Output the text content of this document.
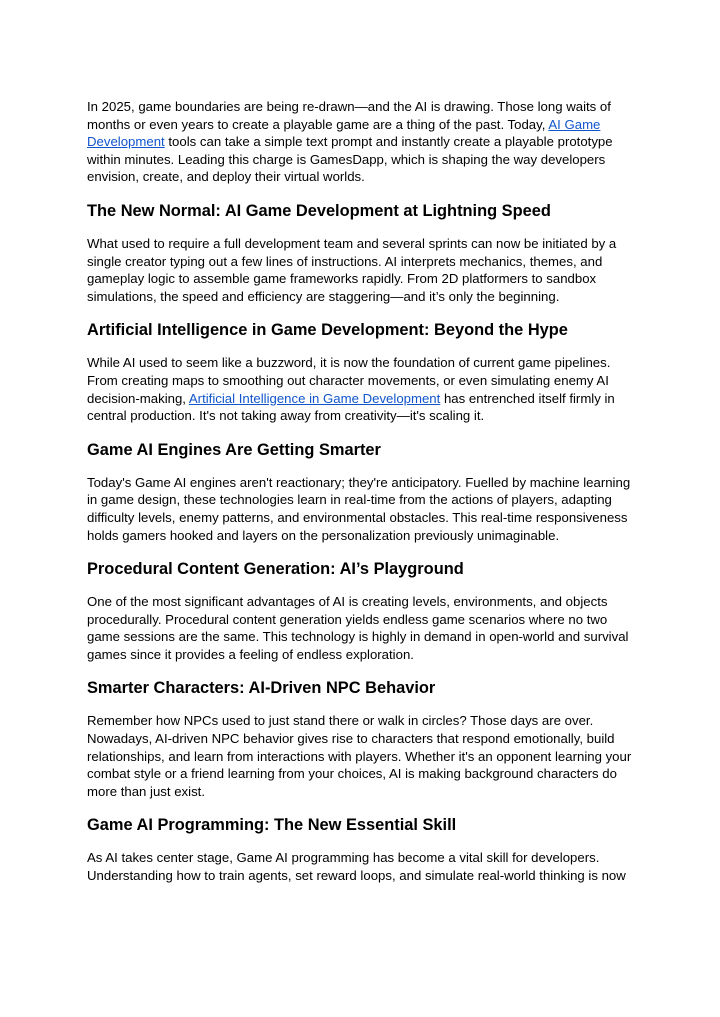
In 2025, game boundaries are being re-drawn—and the AI is drawing. Those long waits of months or even years to create a playable game are a thing of the past. Today, AI Game Development tools can take a simple text prompt and instantly create a playable prototype within minutes. Leading this charge is GamesDapp, which is shaping the way developers envision, create, and deploy their virtual worlds.

The New Normal: AI Game Development at Lightning Speed

What used to require a full development team and several sprints can now be initiated by a single creator typing out a few lines of instructions. AI interprets mechanics, themes, and gameplay logic to assemble game frameworks rapidly. From 2D platformers to sandbox simulations, the speed and efficiency are staggering—and it’s only the beginning.

Artificial Intelligence in Game Development: Beyond the Hype

While AI used to seem like a buzzword, it is now the foundation of current game pipelines. From creating maps to smoothing out character movements, or even simulating enemy AI decision-making, Artificial Intelligence in Game Development has entrenched itself firmly in central production. It's not taking away from creativity—it's scaling it.

Game AI Engines Are Getting Smarter

Today's Game AI engines aren't reactionary; they're anticipatory. Fuelled by machine learning in game design, these technologies learn in real-time from the actions of players, adapting difficulty levels, enemy patterns, and environmental obstacles. This real-time responsiveness holds gamers hooked and layers on the personalization previously unimaginable.

Procedural Content Generation: AI’s Playground

One of the most significant advantages of AI is creating levels, environments, and objects procedurally. Procedural content generation yields endless game scenarios where no two game sessions are the same. This technology is highly in demand in open-world and survival games since it provides a feeling of endless exploration.

Smarter Characters: AI-Driven NPC Behavior

Remember how NPCs used to just stand there or walk in circles? Those days are over. Nowadays, AI-driven NPC behavior gives rise to characters that respond emotionally, build relationships, and learn from interactions with players. Whether it's an opponent learning your combat style or a friend learning from your choices, AI is making background characters do more than just exist.

Game AI Programming: The New Essential Skill

As AI takes center stage, Game AI programming has become a vital skill for developers. Understanding how to train agents, set reward loops, and simulate real-world thinking is now
